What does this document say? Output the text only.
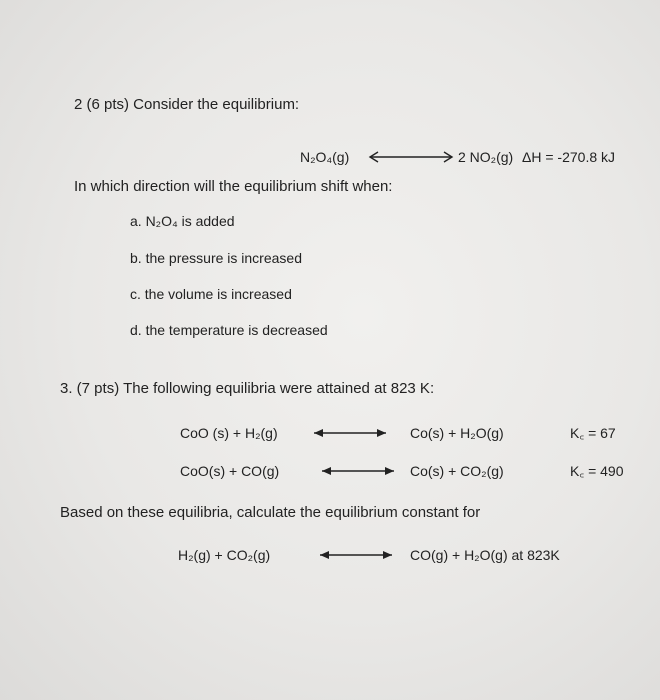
2 (6 pts) Consider the equilibrium:
N₂O₄(g)	2 NO₂(g) ΔH = -270.8 kJ
In which direction will the equilibrium shift when:
a. N₂O₄ is added
b. the pressure is increased
c. the volume is increased
d. the temperature is decreased
3. (7 pts) The following equilibria were attained at 823 K:
CoO (s) + H₂(g)	Co(s) + H₂O(g)	K꜀ = 67
CoO(s) + CO(g)	Co(s) + CO₂(g)	K꜀ = 490
Based on these equilibria, calculate the equilibrium constant for
H₂(g) + CO₂(g)	CO(g) + H₂O(g) at 823K
